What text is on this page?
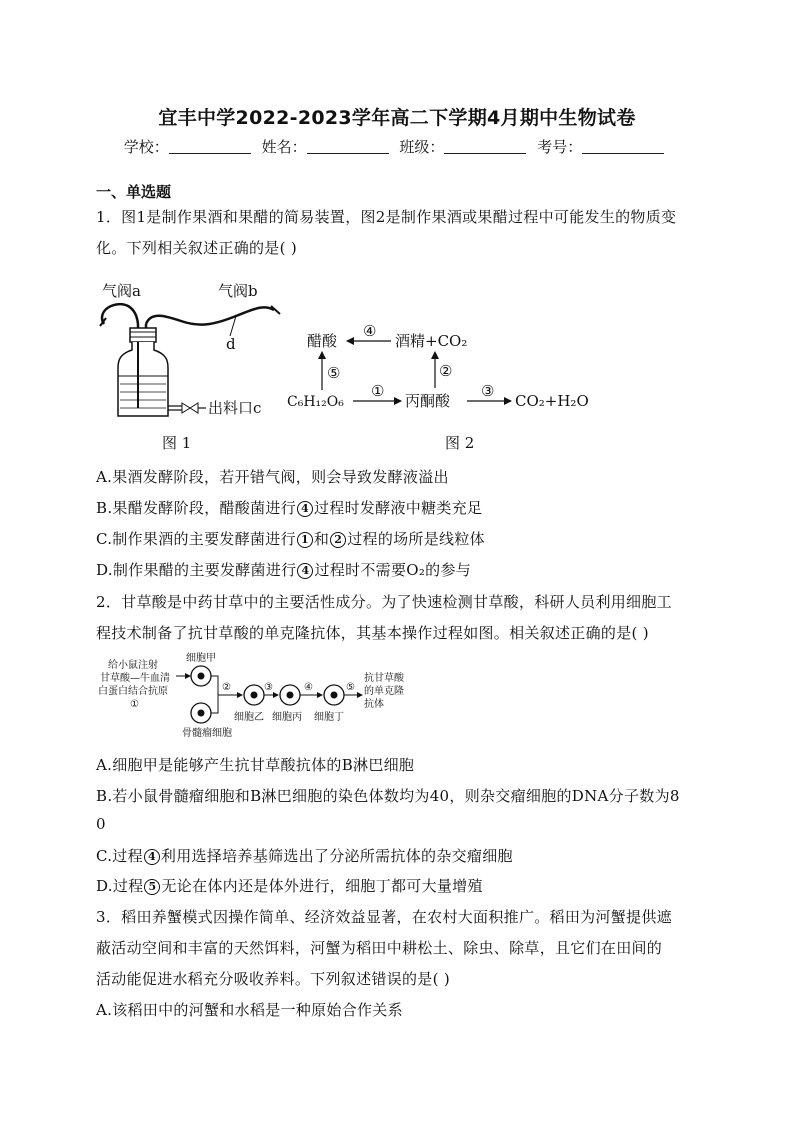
宜丰中学2022-2023学年高二下学期4月期中生物试卷
学校：	姓名：	班级：	考号：
一、单选题
1．图1是制作果酒和果醋的简易装置，图2是制作果酒或果醋过程中可能发生的物质变
化。下列相关叙述正确的是( )
气阀a	气阀b
d
出料口c
图 1
醋酸	酒精+CO₂
C₆H₁₂O₆	丙酮酸	CO₂+H₂O
④
⑤
①
②
③
图 2
A.果酒发酵阶段，若开错气阀，则会导致发酵液溢出
B.果醋发酵阶段，醋酸菌进行 4 过程时发酵液中糖类充足
C.制作果酒的主要发酵菌进行 1 和 2 过程的场所是线粒体
D.制作果醋的主要发酵菌进行 4 过程时不需要O₂的参与
2．甘草酸是中药甘草中的主要活性成分。为了快速检测甘草酸，科研人员利用细胞工
程技术制备了抗甘草酸的单克隆抗体，其基本操作过程如图。相关叙述正确的是( )
给小鼠注射
甘草酸—牛血清
白蛋白结合抗原
①
细胞甲
骨髓瘤细胞
②
细胞乙
③
细胞丙
④
细胞丁
⑤
抗甘草酸
的单克隆
抗体
A.细胞甲是能够产生抗甘草酸抗体的B淋巴细胞
B.若小鼠骨髓瘤细胞和B淋巴细胞的染色体数均为40，则杂交瘤细胞的DNA分子数为8
0
C.过程 4 利用选择培养基筛选出了分泌所需抗体的杂交瘤细胞
D.过程 5 无论在体内还是体外进行，细胞丁都可大量增殖
3．稻田养蟹模式因操作简单、经济效益显著，在农村大面积推广。稻田为河蟹提供遮
蔽活动空间和丰富的天然饵料，河蟹为稻田中耕松土、除虫、除草，且它们在田间的
活动能促进水稻充分吸收养料。下列叙述错误的是( )
A.该稻田中的河蟹和水稻是一种原始合作关系
